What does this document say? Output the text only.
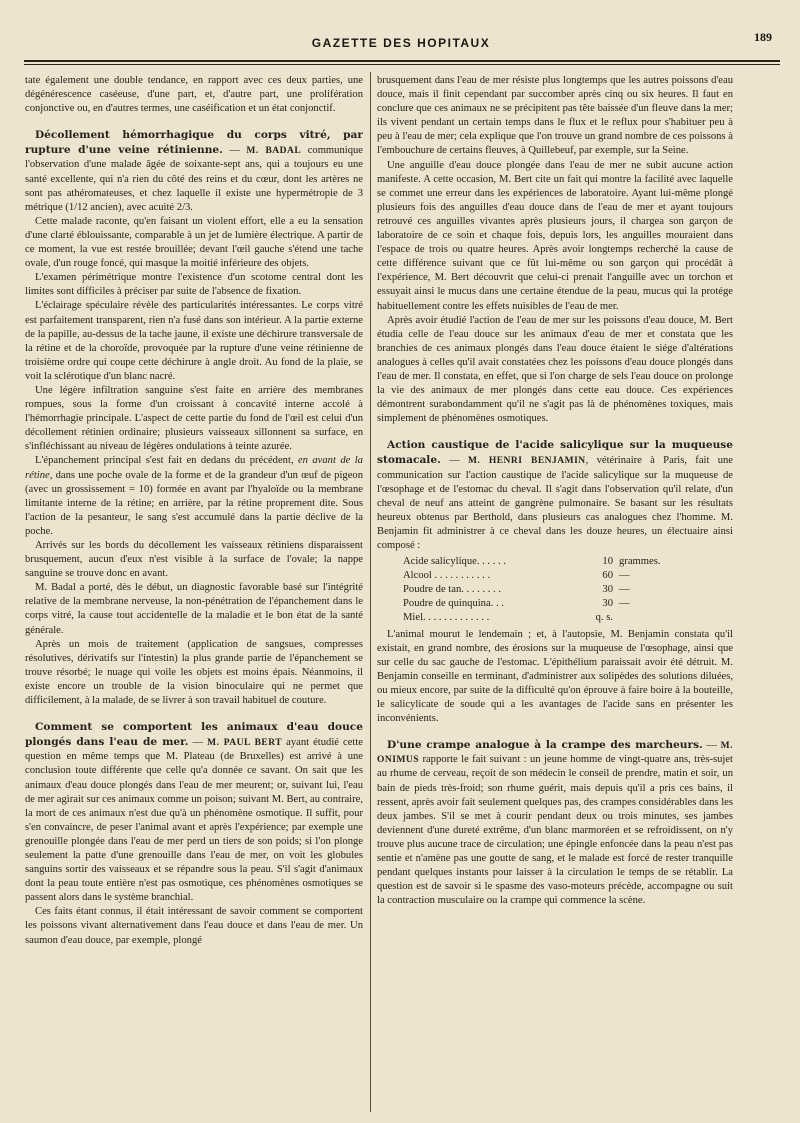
GAZETTE DES HOPITAUX	189

tate également une double tendance, en rapport avec ces deux parties, une dégénérescence caséeuse, d'une part, et, d'autre part, une prolifération conjonctive ou, en d'autres termes, une caséification et un état conjonctif.

Décollement hémorrhagique du corps vitré, par rupture d'une veine rétinienne. — M. BADAL communique l'observation d'une malade âgée de soixante-sept ans, qui a toujours eu une santé excellente, qui n'a rien du côté des reins et du cœur, dont les artères ne sont pas athéromateuses, et chez laquelle il existe une hypermétropie de 3 métrique (1/12 ancien), avec acuité 2/3.

Cette malade raconte, qu'en faisant un violent effort, elle a eu la sensation d'une clarté éblouissante, comparable à un jet de lumière électrique. A partir de ce moment, la vue est restée brouillée; devant l'œil gauche s'étend une tache ovale, d'un rouge foncé, qui masque la moitié inférieure des objets.

L'examen périmétrique montre l'existence d'un scotome central dont les limites sont difficiles à préciser par suite de l'absence de fixation.

L'éclairage spéculaire révèle des particularités intéressantes. Le corps vitré est parfaitement transparent, rien n'a fusé dans son intérieur. A la partie externe de la papille, au-dessus de la tache jaune, il existe une déchirure transversale de la rétine et de la choroïde, provoquée par la rupture d'une veine rétinienne de troisième ordre qui coupe cette déchirure à angle droit. Au fond de la plaie, se voit la sclérotique d'un blanc nacré.

Une légère infiltration sanguine s'est faite en arrière des membranes rompues, sous la forme d'un croissant à concavité interne accolé à l'hémorrhagie principale. L'aspect de cette partie du fond de l'œil est celui d'un décollement rétinien ordinaire; plusieurs vaisseaux sillonnent sa surface, en s'infléchissant au niveau de légères ondulations à teinte azurée.

L'épanchement principal s'est fait en dedans du précédent, en avant de la rétine, dans une poche ovale de la forme et de la grandeur d'un œuf de pigeon (avec un grossissement = 10) formée en avant par l'hyaloïde ou la membrane limitante interne de la rétine; en arrière, par la rétine proprement dite. Sous l'action de la pesanteur, le sang s'est accumulé dans la partie déclive de la poche.

Arrivés sur les bords du décollement les vaisseaux rétiniens disparaissent brusquement, aucun d'eux n'est visible à la surface de l'ovale; la nappe sanguine se trouve donc en avant.

M. Badal a porté, dès le début, un diagnostic favorable basé sur l'intégrité relative de la membrane nerveuse, la non-pénétration de l'épanchement dans le corps vitré, la cause tout accidentelle de la maladie et le bon état de la santé générale.

Après un mois de traitement (application de sangsues, compresses résolutives, dérivatifs sur l'intestin) la plus grande partie de l'épanchement se trouve résorbé; le nuage qui voile les objets est moins épais. Néanmoins, il existe encore un trouble de la vision binoculaire qui ne permet que difficilement, à la malade, de se livrer à son travail habituel de couture.

Comment se comportent les animaux d'eau douce plongés dans l'eau de mer. — M. PAUL BERT ayant étudié cette question en même temps que M. Plateau (de Bruxelles) est arrivé à une conclusion toute différente que celle qu'a donnée ce savant. On sait que les animaux d'eau douce plongés dans l'eau de mer meurent; or, suivant lui, l'eau de mer agirait sur ces animaux comme un poison; suivant M. Bert, au contraire, la mort de ces animaux n'est due qu'à un phénomène osmotique. Il suffit, pour s'en convaincre, de peser l'animal avant et après l'expérience; par exemple une grenouille plongée dans l'eau de mer perd un tiers de son poids; si l'on plonge seulement la patte d'une grenouille dans l'eau de mer, on voit les globules sanguins sortir des vaisseaux et se répandre sous la peau. S'il s'agit d'animaux dont la peau toute entière n'est pas osmotique, ces phénomènes osmotiques se passent alors dans le système branchial.

Ces faits étant connus, il était intéressant de savoir comment se comportent les poissons vivant alternativement dans l'eau douce et dans l'eau de mer. Un saumon d'eau douce, par exemple, plongé

brusquement dans l'eau de mer résiste plus longtemps que les autres poissons d'eau douce, mais il finit cependant par succomber après cinq ou six heures. Il faut en conclure que ces animaux ne se précipitent pas tête baissée d'un fleuve dans la mer; ils vivent pendant un certain temps dans le flux et le reflux pour s'habituer peu à peu à l'eau de mer; cela explique que l'on trouve un grand nombre de ces poissons à l'embouchure de certains fleuves, à Quillebeuf, par exemple, sur la Seine.

Une anguille d'eau douce plongée dans l'eau de mer ne subit aucune action manifeste. A cette occasion, M. Bert cite un fait qui montre la facilité avec laquelle se commet une erreur dans les expériences de laboratoire. Ayant lui-même plongé plusieurs fois des anguilles d'eau douce dans de l'eau de mer et ayant toujours retrouvé ces anguilles vivantes après plusieurs jours, il chargea son garçon de laboratoire de ce soin et chaque fois, depuis lors, les anguilles mouraient dans l'espace de trois ou quatre heures. Après avoir longtemps recherché la cause de cette différence suivant que ce fût lui-même ou son garçon qui procédât à l'expérience, M. Bert découvrit que celui-ci prenait l'anguille avec un torchon et essuyait ainsi le mucus dans une certaine étendue de la peau, mucus qui la protége habituellement contre les effets nuisibles de l'eau de mer.

Après avoir étudié l'action de l'eau de mer sur les poissons d'eau douce, M. Bert étudia celle de l'eau douce sur les animaux d'eau de mer et constata que les branchies de ces animaux plongés dans l'eau douce étaient le siége d'altérations analogues à celles qu'il avait constatées chez les poissons d'eau douce plongés dans l'eau de mer. Il constata, en effet, que si l'on charge de sels l'eau douce on prolonge la vie des animaux de mer plongés dans cette eau douce. Ces expériences démontrent surabondamment qu'il ne s'agit pas là de phénomènes toxiques, mais simplement de phénomènes osmotiques.

Action caustique de l'acide salicylique sur la muqueuse stomacale. — M. HENRI BENJAMIN, vétérinaire à Paris, fait une communication sur l'action caustique de l'acide salicylique sur la muqueuse de l'œsophage et de l'estomac du cheval. Il s'agit dans l'observation qu'il relate, d'un cheval de neuf ans atteint de gangrène pulmonaire. Se basant sur les résultats heureux obtenus par Berthold, dans plusieurs cas analogues chez l'homme. M. Benjamin fit administrer à ce cheval dans les douze heures, un électuaire ainsi composé :

Acide salicylique. . . . . .	10	grammes.
Alcool . . . . . . . . . . .	60	—
Poudre de tan. . . . . . . .	30	—
Poudre de quinquina. . .	30	—
Miel. . . . . . . . . . . . .	q. s.	

L'animal mourut le lendemain ; et, à l'autopsie, M. Benjamin constata qu'il existait, en grand nombre, des érosions sur la muqueuse de l'œsophage, ainsi que sur celle du sac gauche de l'estomac. L'épithélium paraissait avoir été détruit. M. Benjamin conseille en terminant, d'administrer aux solipèdes des solutions diluées, ou mieux encore, par suite de la difficulté qu'on éprouve à faire boire à la bouteille, le salicylicate de soude qui a les avantages de l'acide sans en présenter les inconvénients.

D'une crampe analogue à la crampe des marcheurs. — M. ONIMUS rapporte le fait suivant : un jeune homme de vingt-quatre ans, très-sujet au rhume de cerveau, reçoit de son médecin le conseil de prendre, matin et soir, un bain de pieds très-froid; son rhume guérit, mais depuis qu'il a pris ces bains, il ressent, après avoir fait seulement quelques pas, des crampes considérables dans les deux jambes. S'il se met à courir pendant deux ou trois minutes, ses jambes deviennent d'une dureté extrême, d'un blanc marmoréen et se refroidissent, on n'y trouve plus aucune trace de circulation; une épingle enfoncée dans la peau n'est pas sentie et n'amène pas une goutte de sang, et le malade est forcé de rester tranquille pendant quelques instants pour laisser à la circulation le temps de se rétablir. La question est de savoir si le spasme des vaso-moteurs précède, accompagne ou suit la contraction musculaire ou la crampe qui commence la scène.
